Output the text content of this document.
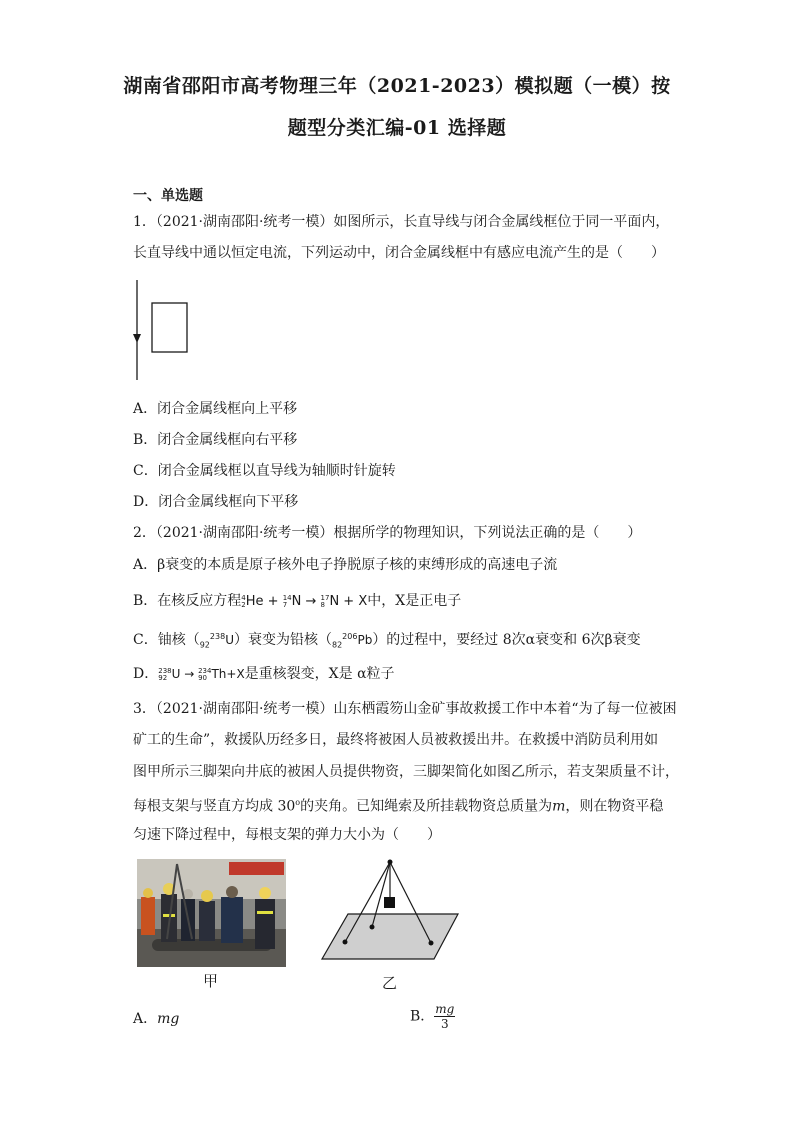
湖南省邵阳市高考物理三年（2021-2023）模拟题（一模）按
题型分类汇编-01 选择题
一、单选题
1．（2021·湖南邵阳·统考一模）如图所示，长直导线与闭合金属线框位于同一平面内，
长直导线中通以恒定电流，下列运动中，闭合金属线框中有感应电流产生的是（　　）
A．闭合金属线框向上平移
B．闭合金属线框向右平移
C．闭合金属线框以直导线为轴顺时针旋转
D．闭合金属线框向下平移
2．（2021·湖南邵阳·统考一模）根据所学的物理知识，下列说法正确的是（　　）
A．β衰变的本质是原子核外电子挣脱原子核的束缚形成的高速电子流
B．在核反应方程4
2He + 14
7 N → 17
8 N + X中，X是正电子
C．铀核$(_{92}^{238}U)$衰变为铅核$(_{82}^{206}Pb)$的过程中，要经过 8次α衰变和 6次β衰变
D．238
92 U → 234
90 Th+X是重核裂变，X是 α粒子
3．（2021·湖南邵阳·统考一模）山东栖霞笏山金矿事故救援工作中本着“为了每一位被困
矿工的生命”，救援队历经多日，最终将被困人员被救援出井。在救援中消防员利用如
图甲所示三脚架向井底的被困人员提供物资，三脚架简化如图乙所示，若支架质量不计，
每根支架与竖直方均成 30$^o$的夹角。已知绳索及所挂载物资总质量为m，则在物资平稳
匀速下降过程中，每根支架的弹力大小为（　　）
甲	乙
A．mg	B． $\frac{mg}{3}$
